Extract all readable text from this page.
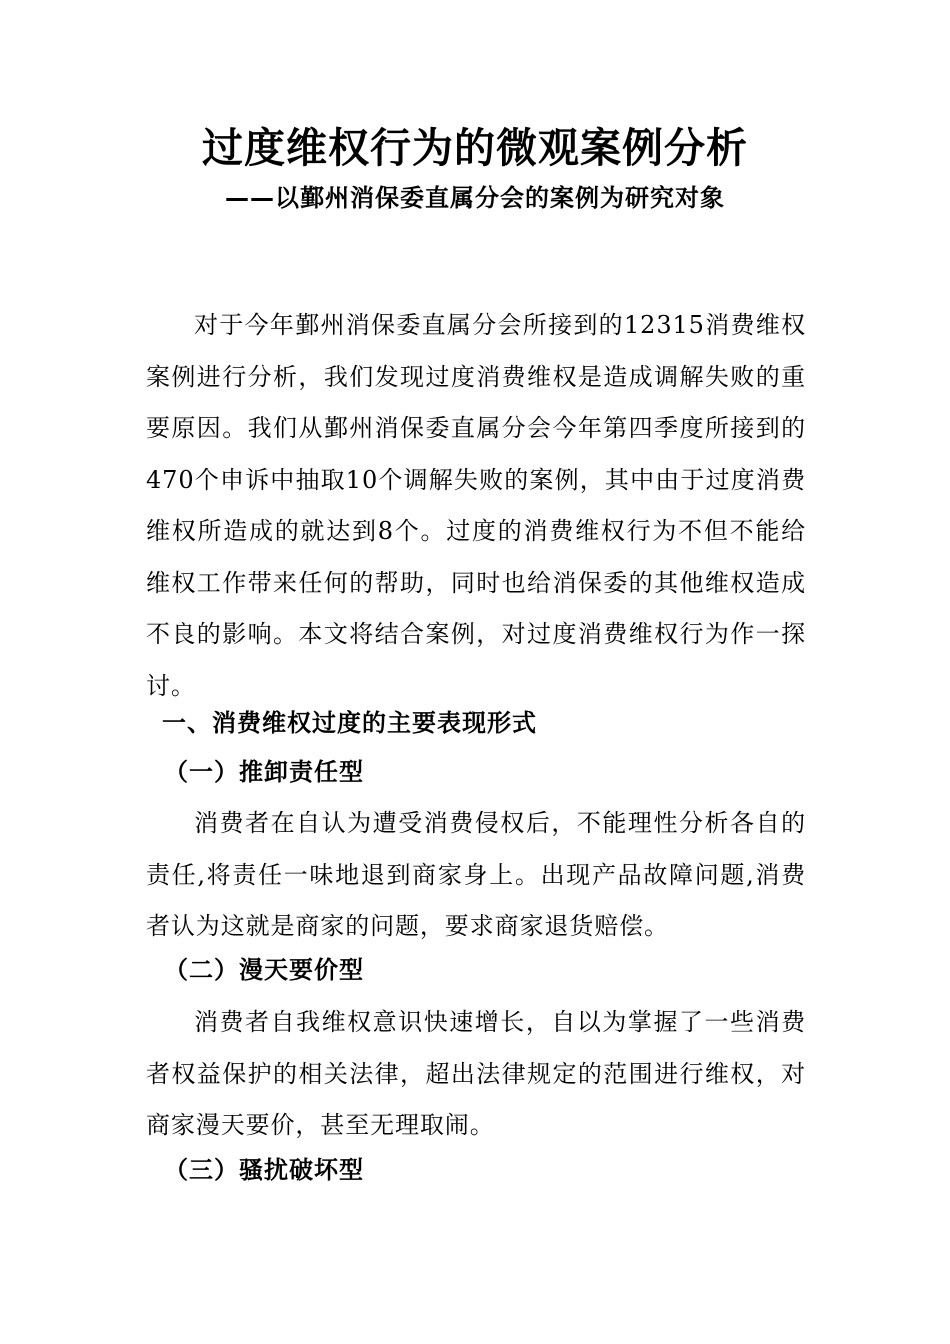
过度维权行为的微观案例分析
——以鄞州消保委直属分会的案例为研究对象

对于今年鄞州消保委直属分会所接到的12315消费维权案例进行分析，我们发现过度消费维权是造成调解失败的重要原因。我们从鄞州消保委直属分会今年第四季度所接到的470个申诉中抽取10个调解失败的案例，其中由于过度消费维权所造成的就达到8个。过度的消费维权行为不但不能给维权工作带来任何的帮助，同时也给消保委的其他维权造成不良的影响。本文将结合案例，对过度消费维权行为作一探讨。

一、消费维权过度的主要表现形式
（一）推卸责任型

消费者在自认为遭受消费侵权后，不能理性分析各自的责任,将责任一味地退到商家身上。出现产品故障问题,消费者认为这就是商家的问题，要求商家退货赔偿。

（二）漫天要价型

消费者自我维权意识快速增长，自以为掌握了一些消费者权益保护的相关法律，超出法律规定的范围进行维权，对商家漫天要价，甚至无理取闹。

（三）骚扰破坏型
